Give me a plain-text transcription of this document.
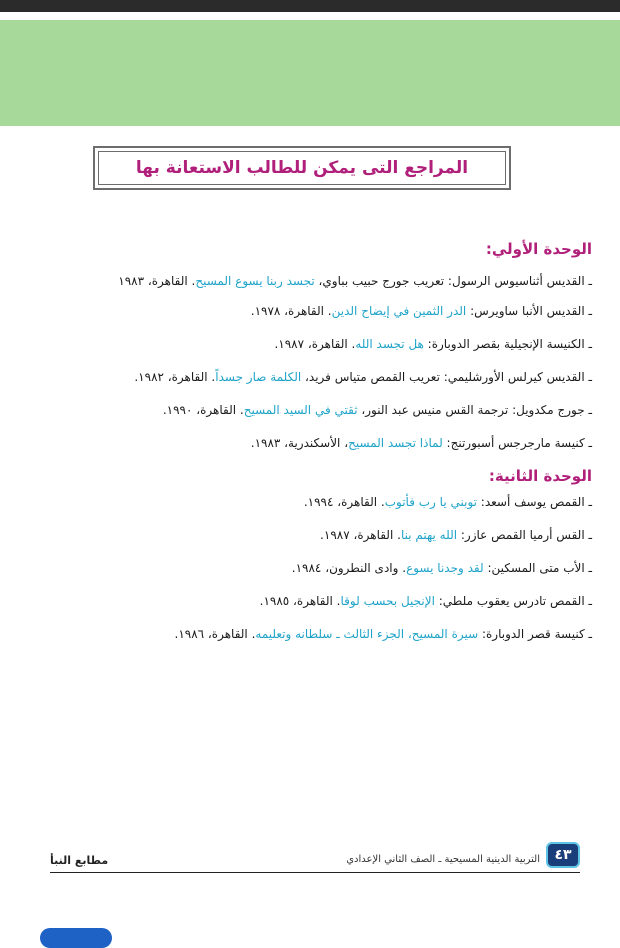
المراجع التى يمكن للطالب الاستعانة بها
الوحدة الأولي:
ـ القديس أثناسيوس الرسول: تعريب جورج حبيب بباوي، تجسد ربنا يسوع المسيح. القاهرة، ١٩٨٣
ـ القديس الأنبا ساويرس: الدر الثمين في إيضاح الدين. القاهرة، ١٩٧٨.
ـ الكنيسة الإنجيلية بقصر الدوبارة: هل تجسد الله. القاهرة، ١٩٨٧.
ـ القديس كيرلس الأورشليمي: تعريب القمص متياس فريد، الكلمة صار جسداً. القاهرة، ١٩٨٢.
ـ جورج مكدويل: ترجمة القس منيس عبد النور، ثقتي في السيد المسيح. القاهرة، ١٩٩٠.
ـ كنيسة مارجرجس أسبورتنج: لماذا تجسد المسيح، الأسكندرية، ١٩٨٣.
الوحدة الثانية:
ـ القمص يوسف أسعد: توبني يا رب فأتوب. القاهرة، ١٩٩٤.
ـ القس أرميا القمص عازر: الله يهتم بنا. القاهرة، ١٩٨٧.
ـ الأب متى المسكين: لقد وجدنا يسوع. وادى النطرون، ١٩٨٤.
ـ القمص تادرس يعقوب ملطي: الإنجيل بحسب لوقا. القاهرة، ١٩٨٥.
ـ كنيسة قصر الدوبارة: سيرة المسيح، الجزء الثالث ـ سلطانه وتعليمه. القاهرة، ١٩٨٦.
٤٣
التربية الدينية المسيحية ـ الصف الثاني الإعدادي
مطابع النبأ
